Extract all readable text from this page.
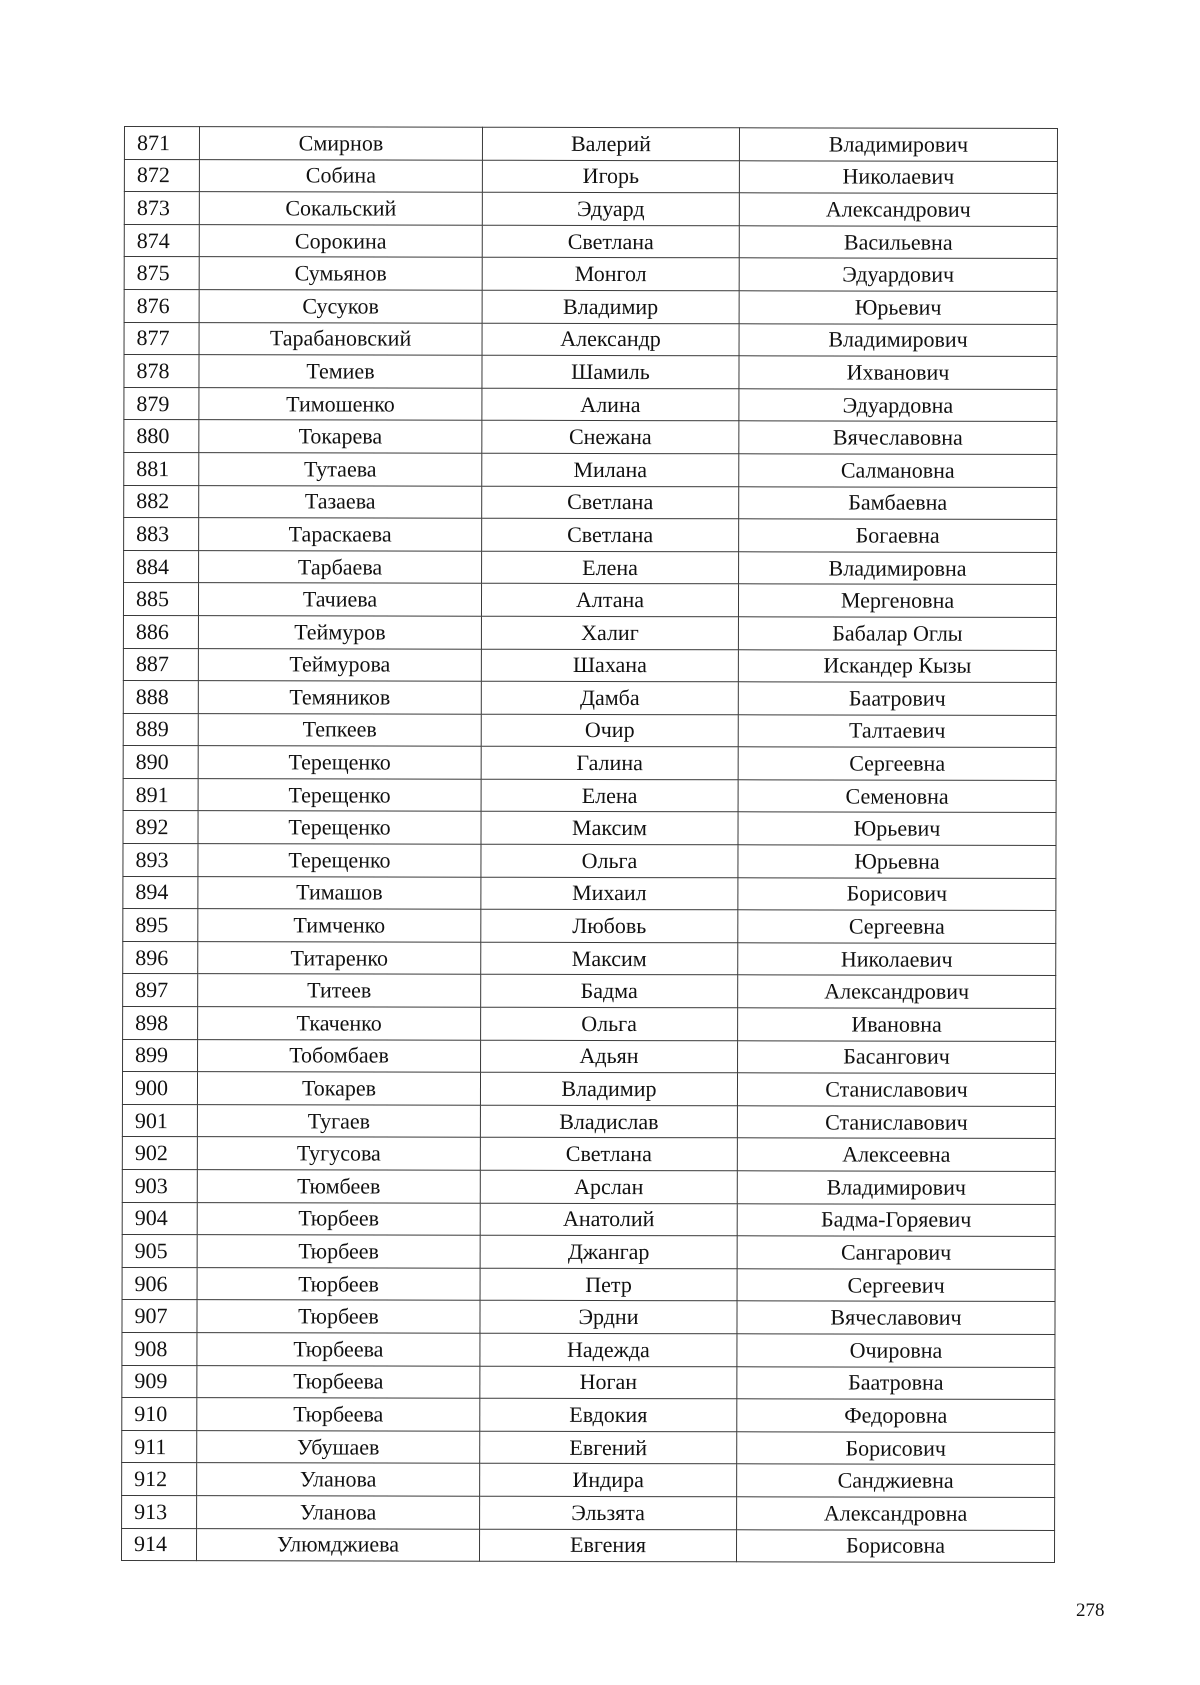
871	Смирнов	Валерий	Владимирович
872	Собина	Игорь	Николаевич
873	Сокальский	Эдуард	Александрович
874	Сорокина	Светлана	Васильевна
875	Сумьянов	Монгол	Эдуардович
876	Сусуков	Владимир	Юрьевич
877	Тарабановский	Александр	Владимирович
878	Темиев	Шамиль	Ихванович
879	Тимошенко	Алина	Эдуардовна
880	Токарева	Снежана	Вячеславовна
881	Тутаева	Милана	Салмановна
882	Тазаева	Светлана	Бамбаевна
883	Тараскаева	Светлана	Богаевна
884	Тарбаева	Елена	Владимировна
885	Тачиева	Алтана	Мергеновна
886	Теймуров	Халиг	Бабалар Оглы
887	Теймурова	Шахана	Искандер Кызы
888	Темяников	Дамба	Баатрович
889	Тепкеев	Очир	Талтаевич
890	Терещенко	Галина	Сергеевна
891	Терещенко	Елена	Семеновна
892	Терещенко	Максим	Юрьевич
893	Терещенко	Ольга	Юрьевна
894	Тимашов	Михаил	Борисович
895	Тимченко	Любовь	Сергеевна
896	Титаренко	Максим	Николаевич
897	Титеев	Бадма	Александрович
898	Ткаченко	Ольга	Ивановна
899	Тобомбаев	Адьян	Басангович
900	Токарев	Владимир	Станиславович
901	Тугаев	Владислав	Станиславович
902	Тугусова	Светлана	Алексеевна
903	Тюмбеев	Арслан	Владимирович
904	Тюрбеев	Анатолий	Бадма-Горяевич
905	Тюрбеев	Джангар	Сангарович
906	Тюрбеев	Петр	Сергеевич
907	Тюрбеев	Эрдни	Вячеславович
908	Тюрбеева	Надежда	Очировна
909	Тюрбеева	Ноган	Баатровна
910	Тюрбеева	Евдокия	Федоровна
911	Убушаев	Евгений	Борисович
912	Уланова	Индира	Санджиевна
913	Уланова	Эльзята	Александровна
914	Улюмджиева	Евгения	Борисовна
278
